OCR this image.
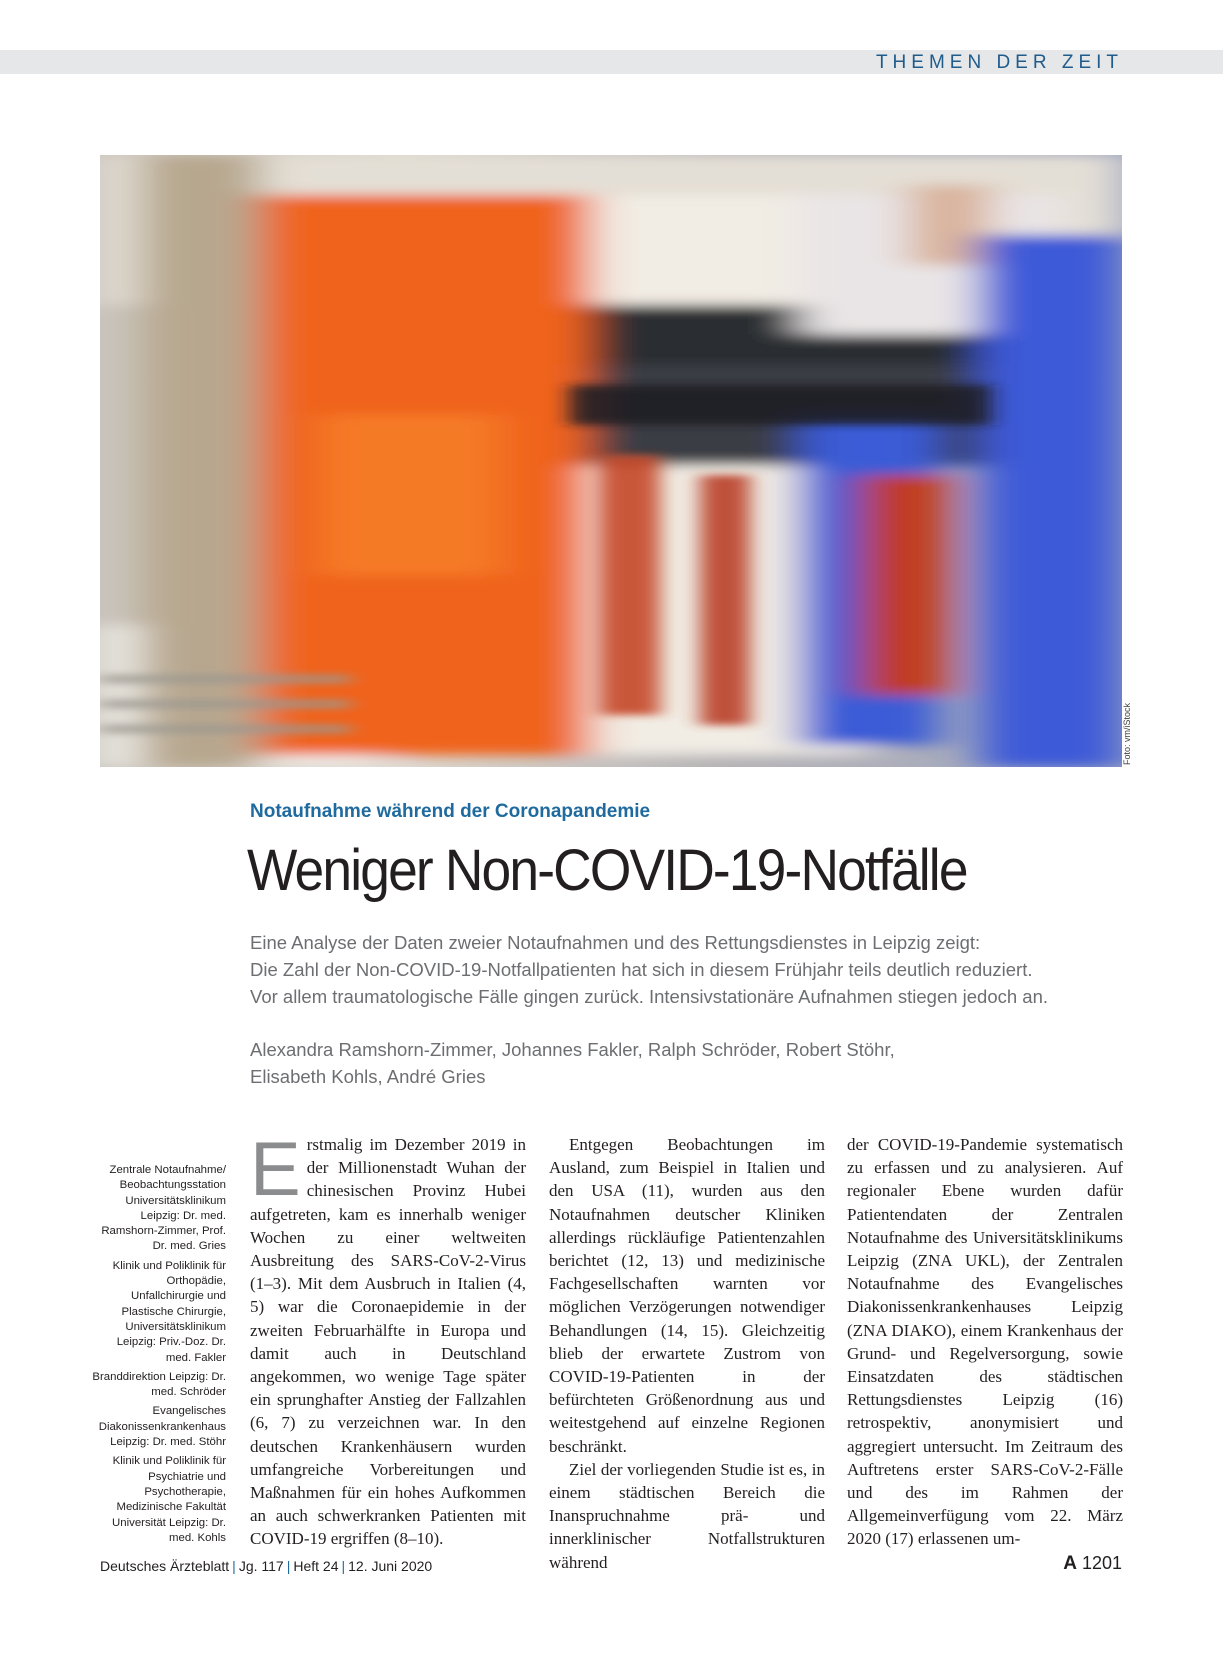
THEMEN DER ZEIT
Foto: vm/iStock
Notaufnahme während der Coronapandemie
Weniger Non-COVID-19-Notfälle
Eine Analyse der Daten zweier Notaufnahmen und des Rettungsdienstes in Leipzig zeigt:
Die Zahl der Non-COVID-19-Notfallpatienten hat sich in diesem Frühjahr teils deutlich reduziert.
Vor allem traumatologische Fälle gingen zurück. Intensivstationäre Aufnahmen stiegen jedoch an.
Alexandra Ramshorn-Zimmer, Johannes Fakler, Ralph Schröder, Robert Stöhr,
Elisabeth Kohls, André Gries

Zentrale Notaufnahme/ Beobachtungsstation Universitätsklinikum Leipzig: Dr. med. Ramshorn-Zimmer, Prof. Dr. med. Gries

Klinik und Poliklinik für Orthopädie, Unfallchirurgie und Plastische Chirurgie, Universitätsklinikum Leipzig: Priv.-Doz. Dr. med. Fakler

Branddirektion Leipzig: Dr. med. Schröder

Evangelisches Diakonissenkrankenhaus Leipzig: Dr. med. Stöhr

Klinik und Poliklinik für Psychiatrie und Psychotherapie, Medizinische Fakultät Universität Leipzig: Dr. med. Kohls

E rstmalig im Dezember 2019 in der Millionenstadt Wuhan der chinesischen Provinz Hubei aufgetreten, kam es innerhalb weniger Wochen zu einer weltweiten Ausbreitung des SARS-CoV-2-Virus (1–3). Mit dem Ausbruch in Italien (4, 5) war die Coronaepidemie in der zweiten Februarhälfte in Europa und damit auch in Deutschland angekommen, wo wenige Tage später ein sprunghafter Anstieg der Fallzahlen (6, 7) zu verzeichnen war. In den deutschen Krankenhäusern wurden umfangreiche Vorbereitungen und Maßnahmen für ein hohes Aufkommen an auch schwerkranken Patienten mit COVID-19 ergriffen (8–10).

Entgegen Beobachtungen im Ausland, zum Beispiel in Italien und den USA (11), wurden aus den Notaufnahmen deutscher Kliniken allerdings rückläufige Patientenzahlen berichtet (12, 13) und medizinische Fachgesellschaften warnten vor möglichen Verzögerungen notwendiger Behandlungen (14, 15). Gleichzeitig blieb der erwartete Zustrom von COVID-19-Patienten in der befürchteten Größenordnung aus und weitestgehend auf einzelne Regionen beschränkt.

Ziel der vorliegenden Studie ist es, in einem städtischen Bereich die Inanspruchnahme prä- und innerklinischer Notfallstrukturen während

der COVID-19-Pandemie systematisch zu erfassen und zu analysieren. Auf regionaler Ebene wurden dafür Patientendaten der Zentralen Notaufnahme des Universitätsklinikums Leipzig (ZNA UKL), der Zentralen Notaufnahme des Evangelisches Diakonissenkrankenhauses Leipzig (ZNA DIAKO), einem Krankenhaus der Grund- und Regelversorgung, sowie Einsatzdaten des städtischen Rettungsdienstes Leipzig (16) retrospektiv, anonymisiert und aggregiert untersucht. Im Zeitraum des Auftretens erster SARS-CoV-2-Fälle und des im Rahmen der Allgemeinverfügung vom 22. März 2020 (17) erlassenen um-

Deutsches Ärzteblatt | Jg. 117 | Heft 24 | 12. Juni 2020	A 1201
